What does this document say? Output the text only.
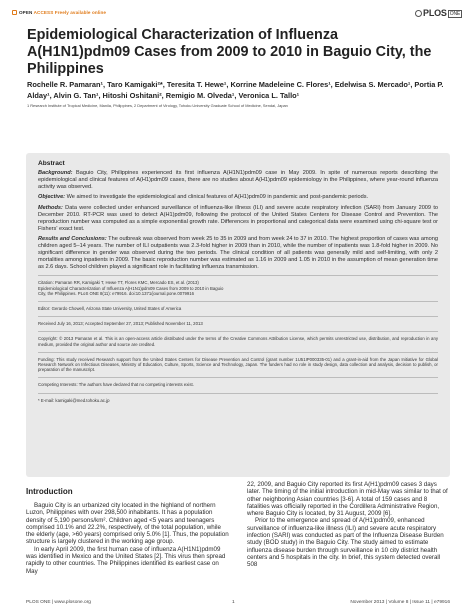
OPEN ACCESS Freely available online	PLOS ONE
Epidemiological Characterization of Influenza A(H1N1)pdm09 Cases from 2009 to 2010 in Baguio City, the Philippines
Rochelle R. Pamaran¹, Taro Kamigaki²*, Teresita T. Hewe¹, Korrine Madeleine C. Flores¹, Edelwisa S. Mercado¹, Portia P. Alday¹, Alvin G. Tan¹, Hitoshi Oshitani², Remigio M. Olveda¹, Veronica L. Tallo¹
1 Research Institute of Tropical Medicine, Manila, Philippines, 2 Department of Virology, Tohoku University Graduate School of Medicine, Sendai, Japan
Abstract

Background: Baguio City, Philippines experienced its first influenza A(H1N1)pdm09 case in May 2009. In spite of numerous reports describing the epidemiological and clinical features of A(H1)pdm09 cases, there are no studies about A(H1)pdm09 epidemiology in the Philippines, where year-round influenza activity was observed.

Objective: We aimed to investigate the epidemiological and clinical features of A(H1)pdm09 in pandemic and post-pandemic periods.

Methods: Data were collected under enhanced surveillance of influenza-like illness (ILI) and severe acute respiratory infection (SARI) from January 2009 to December 2010. RT-PCR was used to detect A(H1)pdm09, following the protocol of the United States Centers for Disease Control and Prevention. The reproduction number was computed as a simple exponential growth rate. Differences in proportional and categorical data were examined using chi-square test or Fishers' exact test.

Results and Conclusions: The outbreak was observed from week 25 to 35 in 2009 and from week 24 to 37 in 2010. The highest proportion of cases was among children aged 5–14 years. The number of ILI outpatients was 2.3-fold higher in 2009 than in 2010, while the number of inpatients was 1.8-fold higher in 2009. No significant difference in gender was observed during the two periods. The clinical condition of all patients was generally mild and self-limiting, with only 2 mortalities among inpatients in 2009. The basic reproduction number was estimated as 1.16 in 2009 and 1.05 in 2010 in the assumption of mean generation time as 2.6 days. School children played a significant role in facilitating influenza transmission.

Citation: Pamaran RR, Kamigaki T, Hewe TT, Flores KMC, Mercado ES, et al. (2013) Epidemiological Characterization of Influenza A(H1N1)pdm09 Cases from 2009 to 2010 in Baguio City, the Philippines. PLoS ONE 8(11): e79916. doi:10.1371/journal.pone.0079916

Editor: Gerardo Chowell, Arizona State University, United States of America

Received July 16, 2013; Accepted September 27, 2013; Published November 11, 2013

Copyright: © 2013 Pamaran et al. This is an open-access article distributed under the terms of the Creative Commons Attribution License, which permits unrestricted use, distribution, and reproduction in any medium, provided the original author and source are credited.

Funding: This study received Research support from the United States Centers for Disease Prevention and Control (grant number 1U51IP000335-01) and a grant-in-aid from the Japan Initiative for Global Research Network on Infectious Diseases, Ministry of Education, Culture, Sports, Science and Technology, Japan. The funders had no role in study design, data collection and analysis, decision to publish, or preparation of the manuscript.

Competing Interests: The authors have declared that no competing interests exist.

* E-mail: kamigaki@med.tohoku.ac.jp

Introduction

Baguio City is an urbanized city located in the highland of northern Luzon, Philippines with over 298,500 inhabitants. It has a population density of 5,190 persons/km². Children aged <5 years and teenagers comprised 10.1% and 22.2%, respectively, of the total population, while the elderly (age, >60 years) comprised only 5.0% [1]. Thus, the population structure is largely clustered in the working age group.

In early April 2009, the first human case of influenza A(H1N1)pdm09 was identified in Mexico and the United States [2]. This virus then spread rapidly to other countries. The Philippines identified its earliest case on May

22, 2009, and Baguio City reported its first A(H1)pdm09 cases 3 days later. The timing of the initial introduction in mid-May was similar to that of other neighboring Asian countries [3-6]. A total of 159 cases and 8 fatalities was officially reported in the Cordillera Administrative Region, where Baguio City is located, by 31 August, 2009 [6].

Prior to the emergence and spread of A(H1)pdm09, enhanced surveillance of influenza-like illness (ILI) and severe acute respiratory infection (SARI) was conducted as part of the Influenza Disease Burden study (BOD study) in the Baguio City. The study aimed to estimate influenza disease burden through surveillance in 10 city district health centers and 5 hospitals in the city. In brief, this system detected overall 508

PLOS ONE | www.plosone.org	1	November 2013 | Volume 8 | Issue 11 | e79916
